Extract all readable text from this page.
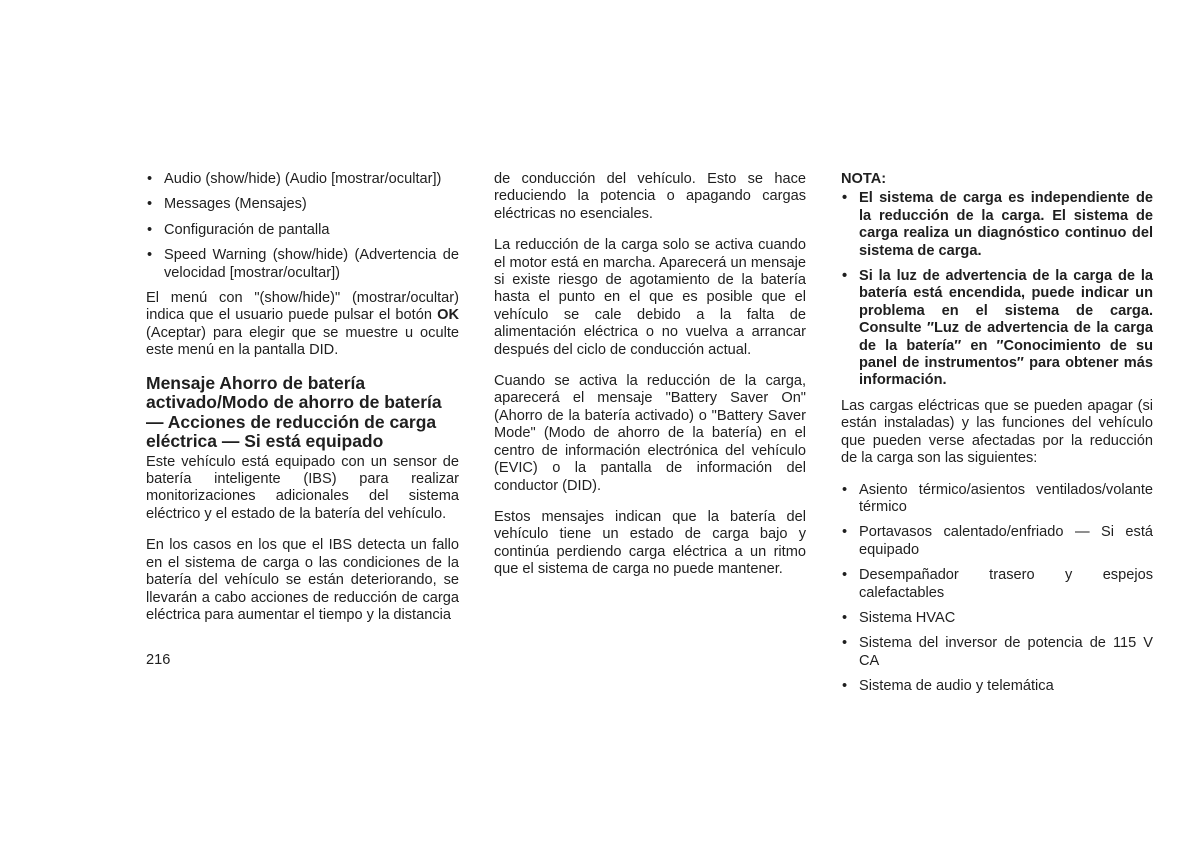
• Audio (show/hide) (Audio [mostrar/ocultar])
• Messages (Mensajes)
• Configuración de pantalla
• Speed Warning (show/hide) (Advertencia de velocidad [mostrar/ocultar])

El menú con "(show/hide)" (mostrar/ocultar) indica que el usuario puede pulsar el botón OK (Aceptar) para elegir que se muestre u oculte este menú en la pantalla DID.

Mensaje Ahorro de batería activado/Modo de ahorro de batería — Acciones de reducción de carga eléctrica — Si está equipado

Este vehículo está equipado con un sensor de batería inteligente (IBS) para realizar monitorizaciones adicionales del sistema eléctrico y el estado de la batería del vehículo.

En los casos en los que el IBS detecta un fallo en el sistema de carga o las condiciones de la batería del vehículo se están deteriorando, se llevarán a cabo acciones de reducción de carga eléctrica para aumentar el tiempo y la distancia

de conducción del vehículo. Esto se hace reduciendo la potencia o apagando cargas eléctricas no esenciales.

La reducción de la carga solo se activa cuando el motor está en marcha. Aparecerá un mensaje si existe riesgo de agotamiento de la batería hasta el punto en el que es posible que el vehículo se cale debido a la falta de alimentación eléctrica o no vuelva a arrancar después del ciclo de conducción actual.

Cuando se activa la reducción de la carga, aparecerá el mensaje "Battery Saver On" (Ahorro de la batería activado) o "Battery Saver Mode" (Modo de ahorro de la batería) en el centro de información electrónica del vehículo (EVIC) o la pantalla de información del conductor (DID).

Estos mensajes indican que la batería del vehículo tiene un estado de carga bajo y continúa perdiendo carga eléctrica a un ritmo que el sistema de carga no puede mantener.

NOTA:
• El sistema de carga es independiente de la reducción de la carga. El sistema de carga realiza un diagnóstico continuo del sistema de carga.
• Si la luz de advertencia de la carga de la batería está encendida, puede indicar un problema en el sistema de carga. Consulte ″Luz de advertencia de la carga de la batería″ en ″Conocimiento de su panel de instrumentos″ para obtener más información.

Las cargas eléctricas que se pueden apagar (si están instaladas) y las funciones del vehículo que pueden verse afectadas por la reducción de la carga son las siguientes:

• Asiento térmico/asientos ventilados/volante térmico
• Portavasos calentado/enfriado — Si está equipado
• Desempañador trasero y espejos calefactables
• Sistema HVAC
• Sistema del inversor de potencia de 115 V CA
• Sistema de audio y telemática
216
